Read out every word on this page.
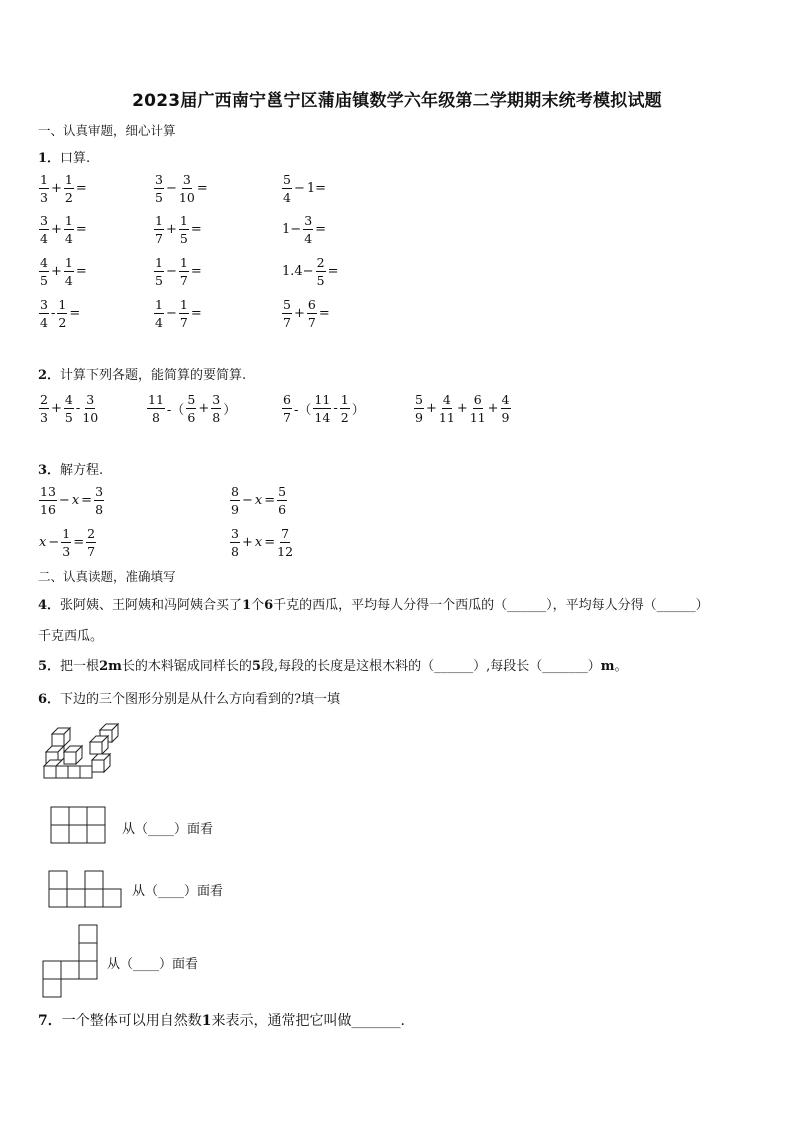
2023届广西南宁邕宁区蒲庙镇数学六年级第二学期期末统考模拟试题
一、认真审题，细心计算
1．口算.
$\frac{1}{3} + \frac{1}{2}$ =	$\frac{3}{5} - \frac{3}{10}$ =	$\frac{5}{4} - 1=$
$\frac{3}{4} + \frac{1}{4}$ =	$\frac{1}{7} + \frac{1}{5}$ =	$1- \frac{3}{4}$ =
$\frac{4}{5} + \frac{1}{4}$ =	$\frac{1}{5} - \frac{1}{7}$ =	$1.4- \frac{2}{5}$ =
$\frac{3}{4} - \frac{1}{2}$ =	$\frac{1}{4} - \frac{1}{7}$ =	$\frac{5}{7} + \frac{6}{7}$ =
2．计算下列各题，能简算的要简算.
$\frac{2}{3} + \frac{4}{5} - \frac{3}{10}$	$\frac{11}{8}$ -（ $\frac{5}{6} + \frac{3}{8}$ ）	$\frac{6}{7}$ -（ $\frac{11}{14} - \frac{1}{2}$ ）	$\frac{5}{9} + \frac{4}{11} + \frac{6}{11} + \frac{4}{9}$
3．解方程.
$\frac{13}{16} - x = \frac{3}{8}$	$\frac{8}{9} - x = \frac{5}{6}$
$x - \frac{1}{3} = \frac{2}{7}$	$\frac{3}{8} + x = \frac{7}{12}$
二、认真读题，准确填写
4．张阿姨、王阿姨和冯阿姨合买了1个6千克的西瓜，平均每人分得一个西瓜的（______），平均每人分得（______）
千克西瓜。
5．把一根2m长的木料锯成同样长的5段,每段的长度是这根木料的（______）,每段长（_______）m。
6．下边的三个图形分别是从什么方向看到的?填一填
从（____）面看
从（____）面看
从（____）面看
7．一个整体可以用自然数1来表示，通常把它叫做_______.
